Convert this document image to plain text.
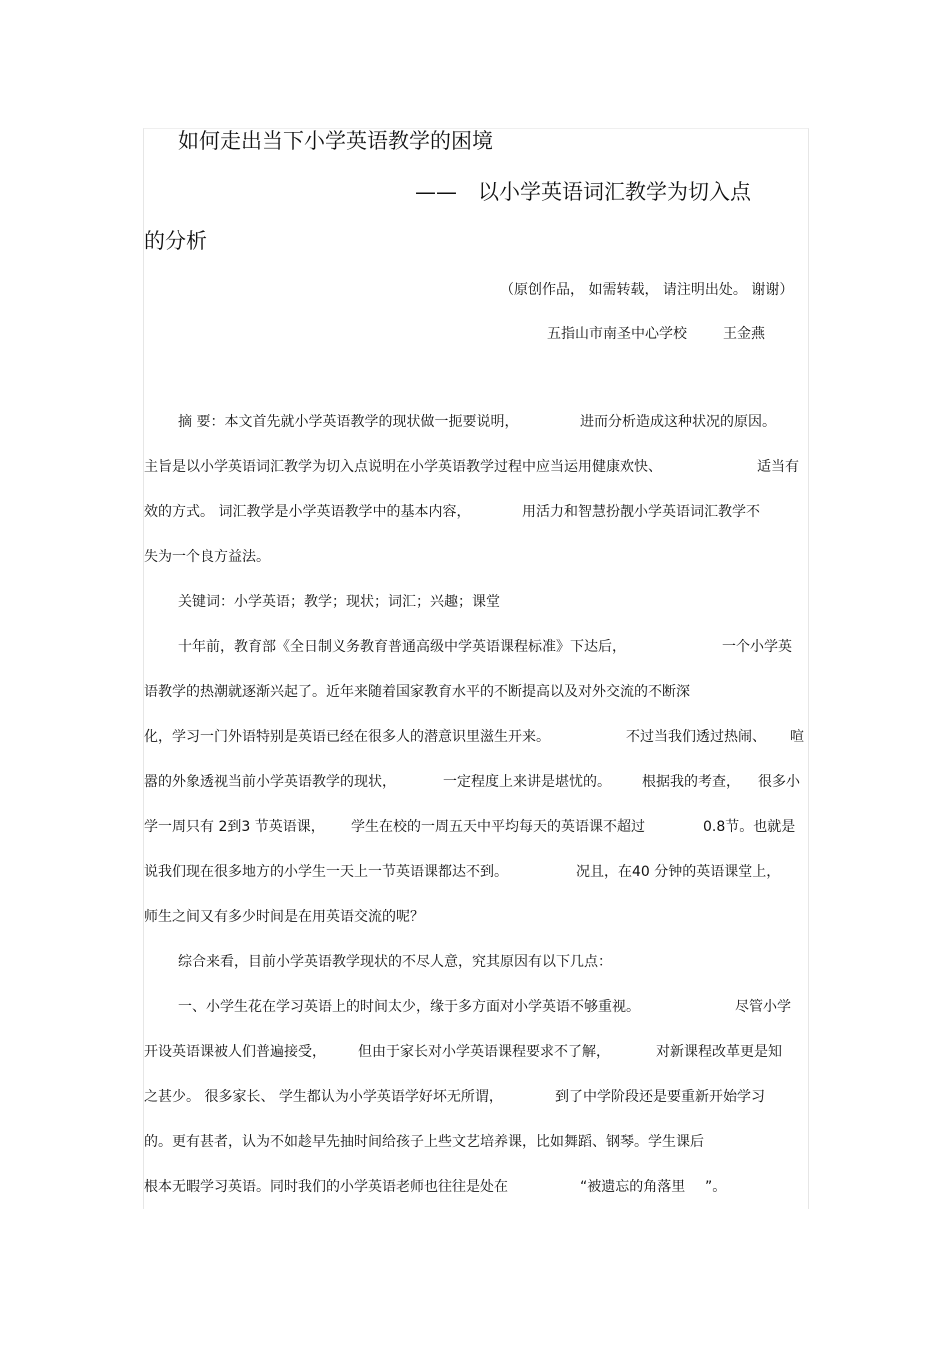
如何走出当下小学英语教学的困境
—— 以小学英语词汇教学为切入点
的分析
（原创作品， 如需转载， 请注明出处。 谢谢）
五指山市南圣中心学校	王金燕
摘 要：本文首先就小学英语教学的现状做一扼要说明，	进而分析造成这种状况的原因。
主旨是以小学英语词汇教学为切入点说明在小学英语教学过程中应当运用健康欢快、	适当有
效的方式。 词汇教学是小学英语教学中的基本内容，	用活力和智慧扮靓小学英语词汇教学不
失为一个良方益法。
关键词：小学英语；教学；现状；词汇；兴趣；课堂
十年前，教育部《全日制义务教育普通高级中学英语课程标准》下达后，	一个小学英
语教学的热潮就逐渐兴起了。近年来随着国家教育水平的不断提高以及对外交流的不断深
化，学习一门外语特别是英语已经在很多人的潜意识里滋生开来。	不过当我们透过热闹、 喧
嚣的外象透视当前小学英语教学的现状，	一定程度上来讲是堪忧的。 根据我的考查， 很多小
学一周只有 2到3 节英语课， 学生在校的一周五天中平均每天的英语课不超过	0.8节。也就是
说我们现在很多地方的小学生一天上一节英语课都达不到。	况且，在40 分钟的英语课堂上，
师生之间又有多少时间是在用英语交流的呢？
综合来看，目前小学英语教学现状的不尽人意，究其原因有以下几点：
一、小学生花在学习英语上的时间太少，缘于多方面对小学英语不够重视。	尽管小学
开设英语课被人们普遍接受， 但由于家长对小学英语课程要求不了解，	对新课程改革更是知
之甚少。 很多家长、 学生都认为小学英语学好坏无所谓，	到了中学阶段还是要重新开始学习
的。更有甚者，认为不如趁早先抽时间给孩子上些文艺培养课，比如舞蹈、钢琴。学生课后
根本无暇学习英语。同时我们的小学英语老师也往往是处在	“被遗忘的角落里 ”。
